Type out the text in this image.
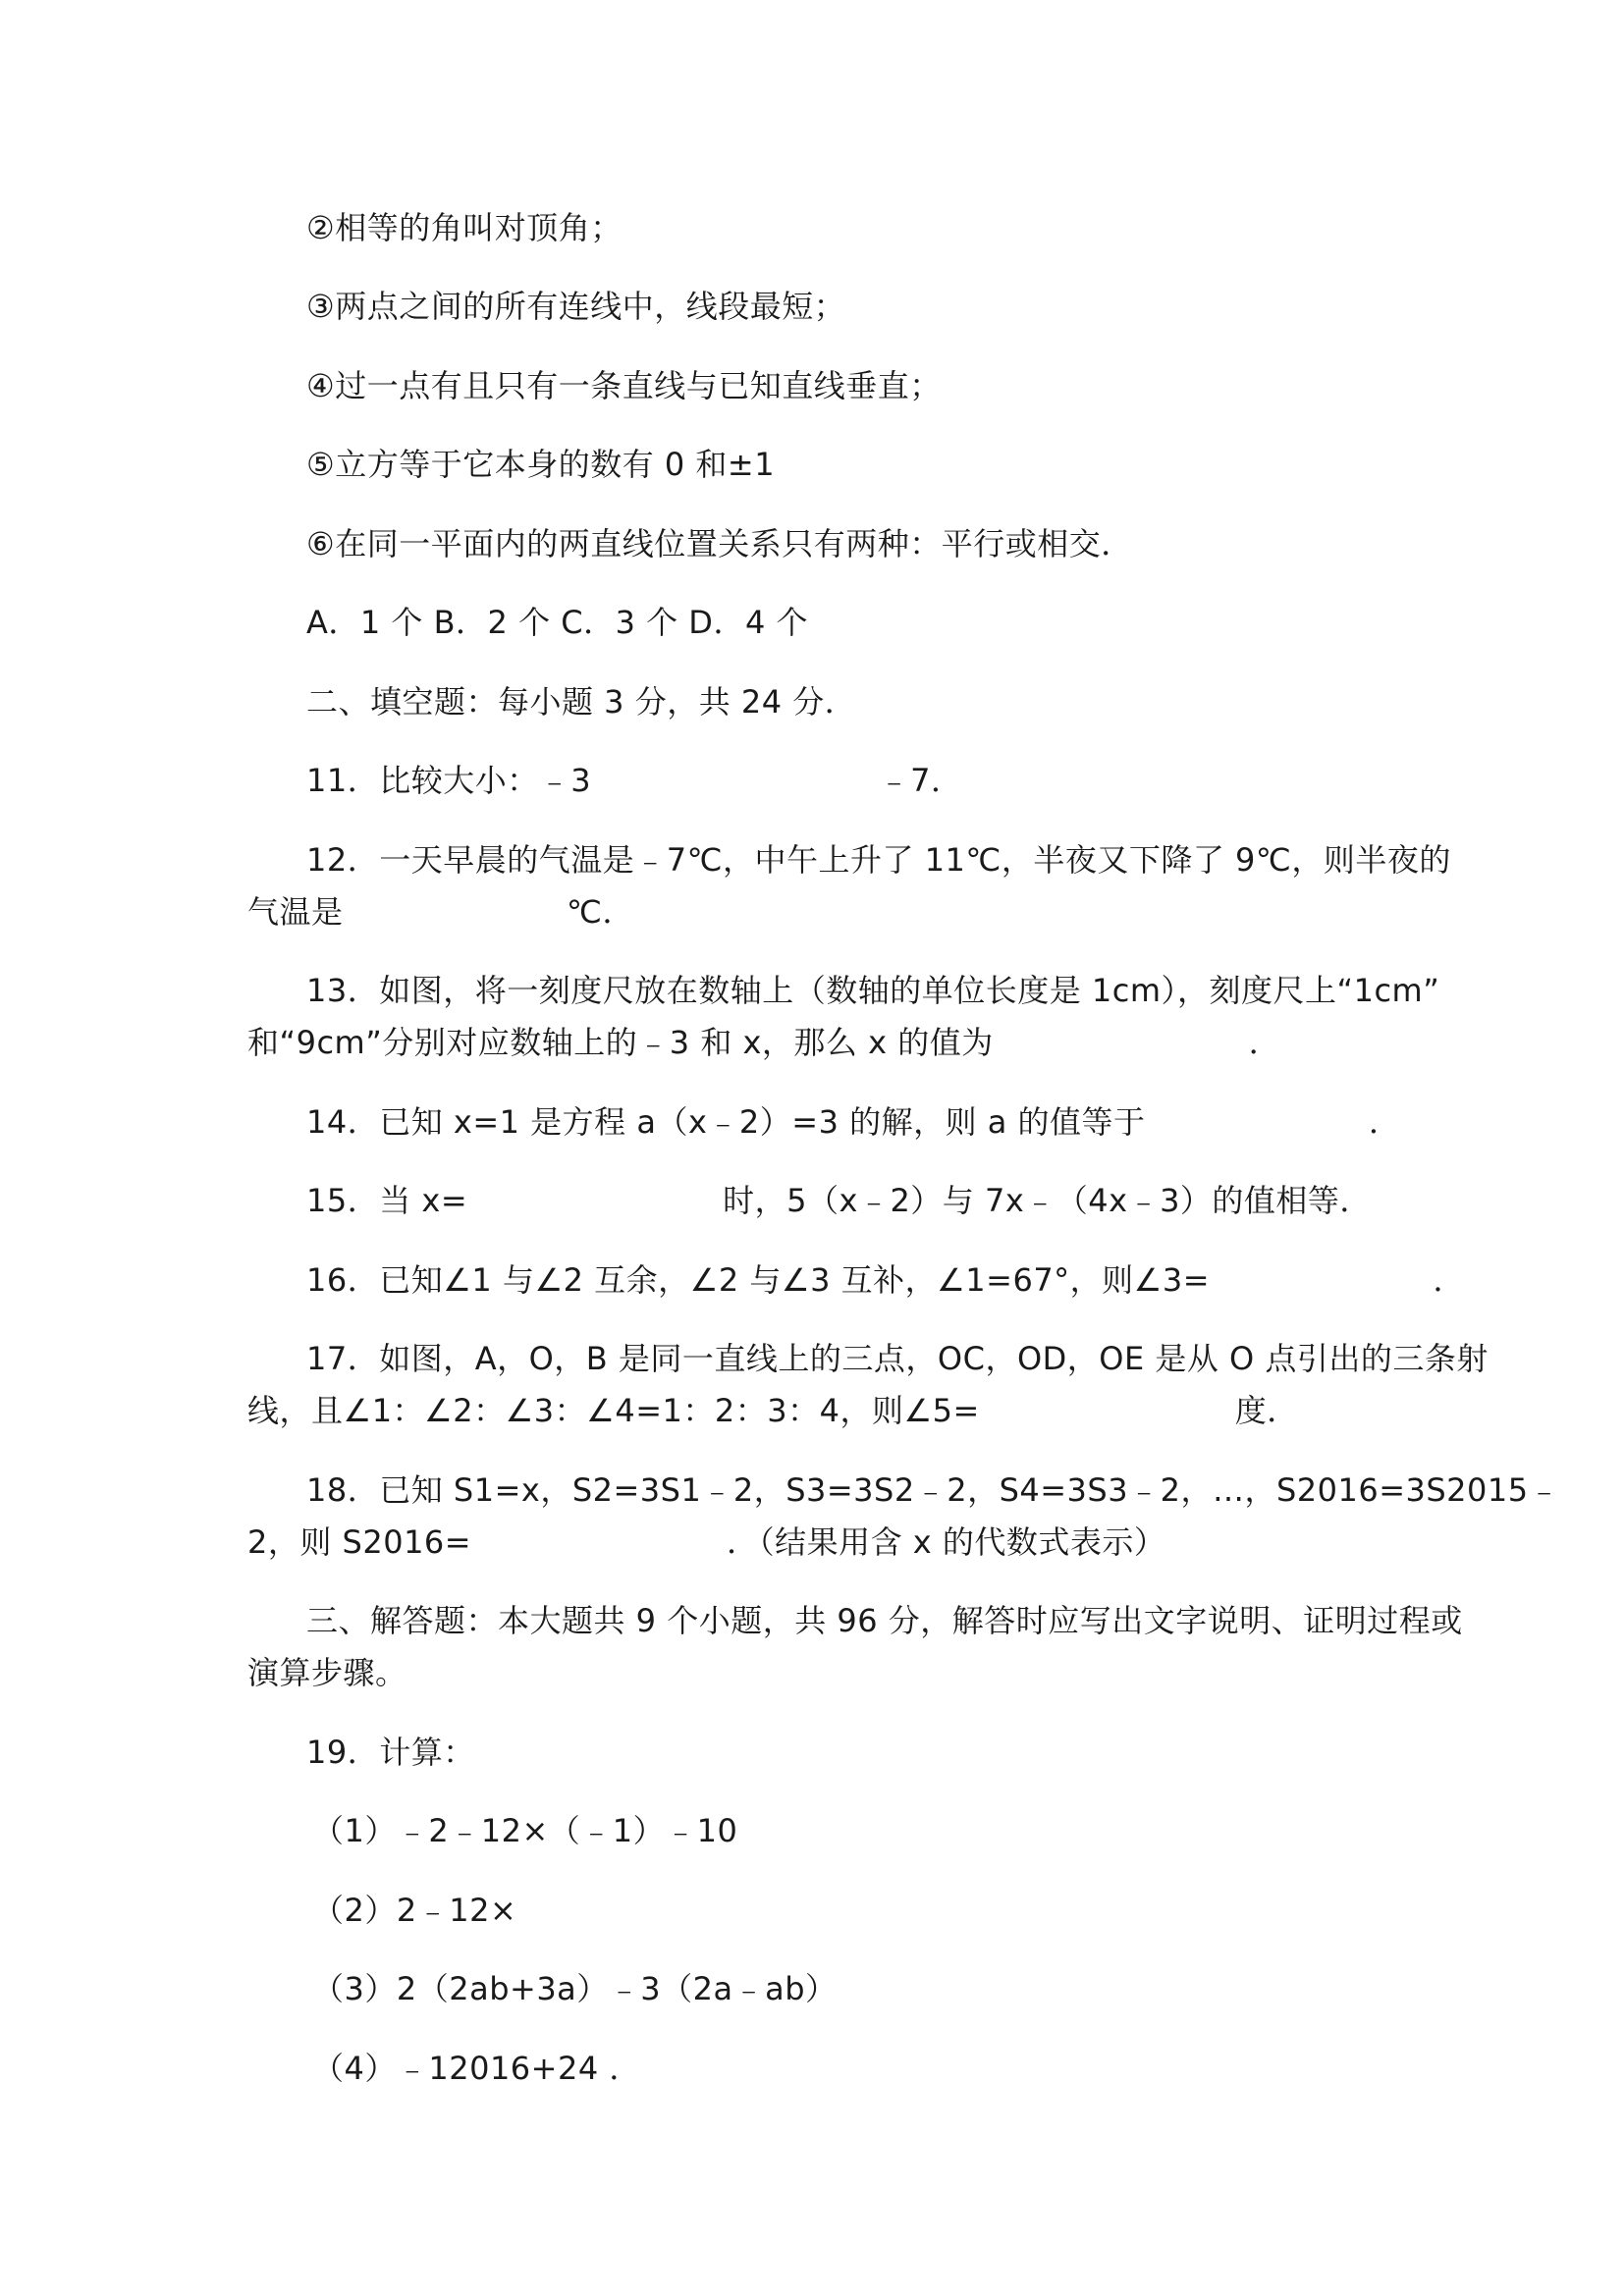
②相等的角叫对顶角；

③两点之间的所有连线中，线段最短；

④过一点有且只有一条直线与已知直线垂直；

⑤立方等于它本身的数有 0 和±1

⑥在同一平面内的两直线位置关系只有两种：平行或相交．

A．1 个 B．2 个 C．3 个 D．4 个

二、填空题：每小题 3 分，共 24 分．

11．比较大小：﹣3　　　　　　　　　﹣7．

12．一天早晨的气温是﹣7℃，中午上升了 11℃，半夜又下降了 9℃，则半夜的

气温是　　　　　　　℃．

13．如图，将一刻度尺放在数轴上（数轴的单位长度是 1cm），刻度尺上“1cm”

和“9cm”分别对应数轴上的﹣3 和 x，那么 x 的值为　　　　　　　　．

14．已知 x=1 是方程 a（x﹣2）=3 的解，则 a 的值等于　　　　　　　．

15．当 x=　　　　　　　　时，5（x﹣2）与 7x﹣（4x﹣3）的值相等．

16．已知∠1 与∠2 互余，∠2 与∠3 互补，∠1=67°，则∠3=　　　　　　　．

17．如图，A，O，B 是同一直线上的三点，OC，OD，OE 是从 O 点引出的三条射

线，且∠1：∠2：∠3：∠4=1：2：3：4，则∠5=　　　　　　　　度．

18．已知 S1=x，S2=3S1﹣2，S3=3S2﹣2，S4=3S3﹣2，…，S2016=3S2015﹣

2，则 S2016=　　　　　　　　．（结果用含 x 的代数式表示）

三、解答题：本大题共 9 个小题，共 96 分，解答时应写出文字说明、证明过程或

演算步骤。

19．计算：

（1）﹣2﹣12×（﹣1）﹣10

（2）2﹣12×

（3）2（2ab+3a）﹣3（2a﹣ab）

（4）﹣12016+24 ．
